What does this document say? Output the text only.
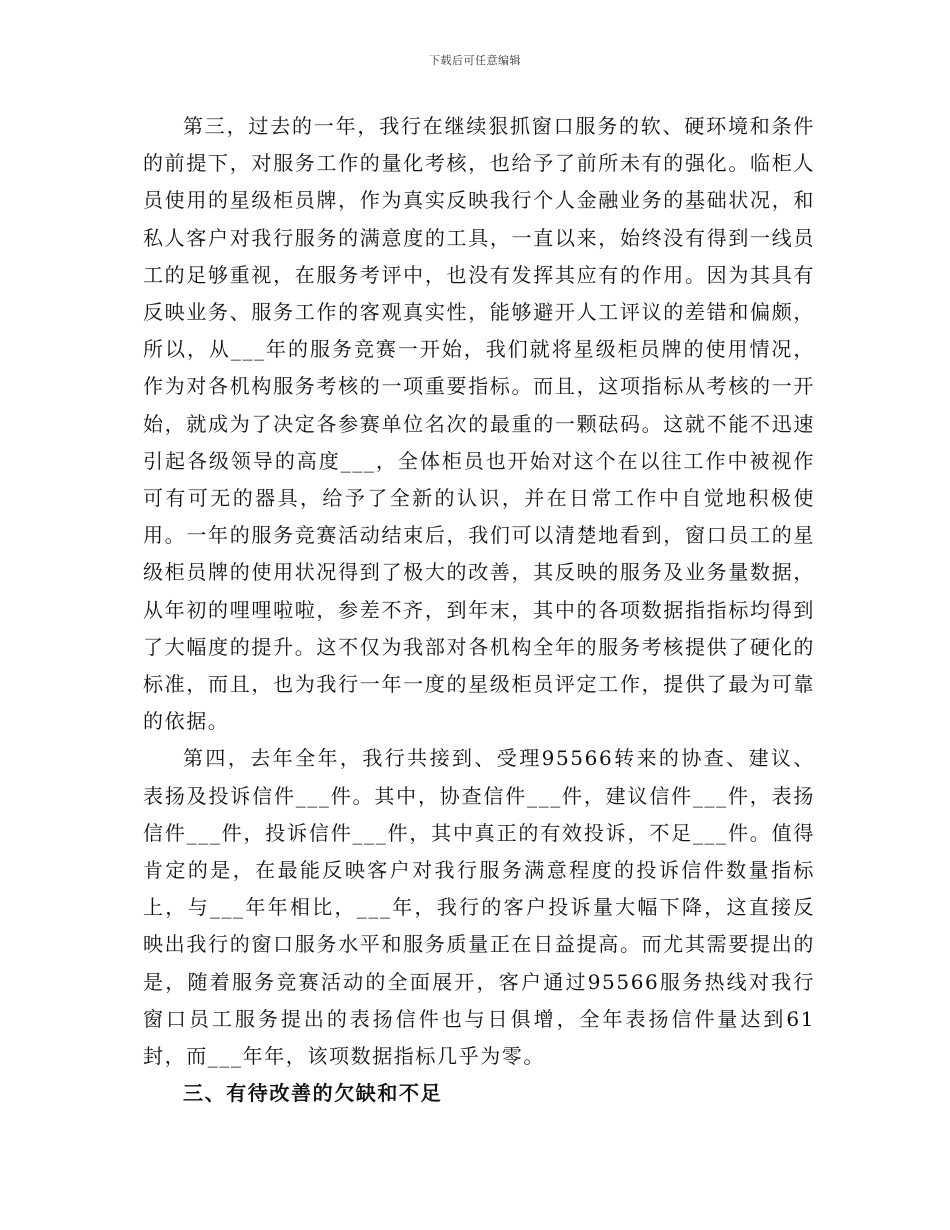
下载后可任意编辑

第三，过去的一年，我行在继续狠抓窗口服务的软、硬环境和条件的前提下，对服务工作的量化考核，也给予了前所未有的强化。临柜人员使用的星级柜员牌，作为真实反映我行个人金融业务的基础状况，和私人客户对我行服务的满意度的工具，一直以来，始终没有得到一线员工的足够重视，在服务考评中，也没有发挥其应有的作用。因为其具有反映业务、服务工作的客观真实性，能够避开人工评议的差错和偏颇，所以，从___年的服务竞赛一开始，我们就将星级柜员牌的使用情况，作为对各机构服务考核的一项重要指标。而且，这项指标从考核的一开始，就成为了决定各参赛单位名次的最重的一颗砝码。这就不能不迅速引起各级领导的高度___，全体柜员也开始对这个在以往工作中被视作可有可无的器具，给予了全新的认识，并在日常工作中自觉地积极使用。一年的服务竞赛活动结束后，我们可以清楚地看到，窗口员工的星级柜员牌的使用状况得到了极大的改善，其反映的服务及业务量数据，从年初的哩哩啦啦，参差不齐，到年末，其中的各项数据指指标均得到了大幅度的提升。这不仅为我部对各机构全年的服务考核提供了硬化的标准，而且，也为我行一年一度的星级柜员评定工作，提供了最为可靠的依据。

第四，去年全年，我行共接到、受理95566转来的协查、建议、表扬及投诉信件___件。其中，协查信件___件，建议信件___件，表扬信件___件，投诉信件___件，其中真正的有效投诉，不足___件。值得肯定的是，在最能反映客户对我行服务满意程度的投诉信件数量指标上，与___年年相比，___年，我行的客户投诉量大幅下降，这直接反映出我行的窗口服务水平和服务质量正在日益提高。而尤其需要提出的是，随着服务竞赛活动的全面展开，客户通过95566服务热线对我行窗口员工服务提出的表扬信件也与日俱增，全年表扬信件量达到61封，而___年年，该项数据指标几乎为零。

三、有待改善的欠缺和不足
